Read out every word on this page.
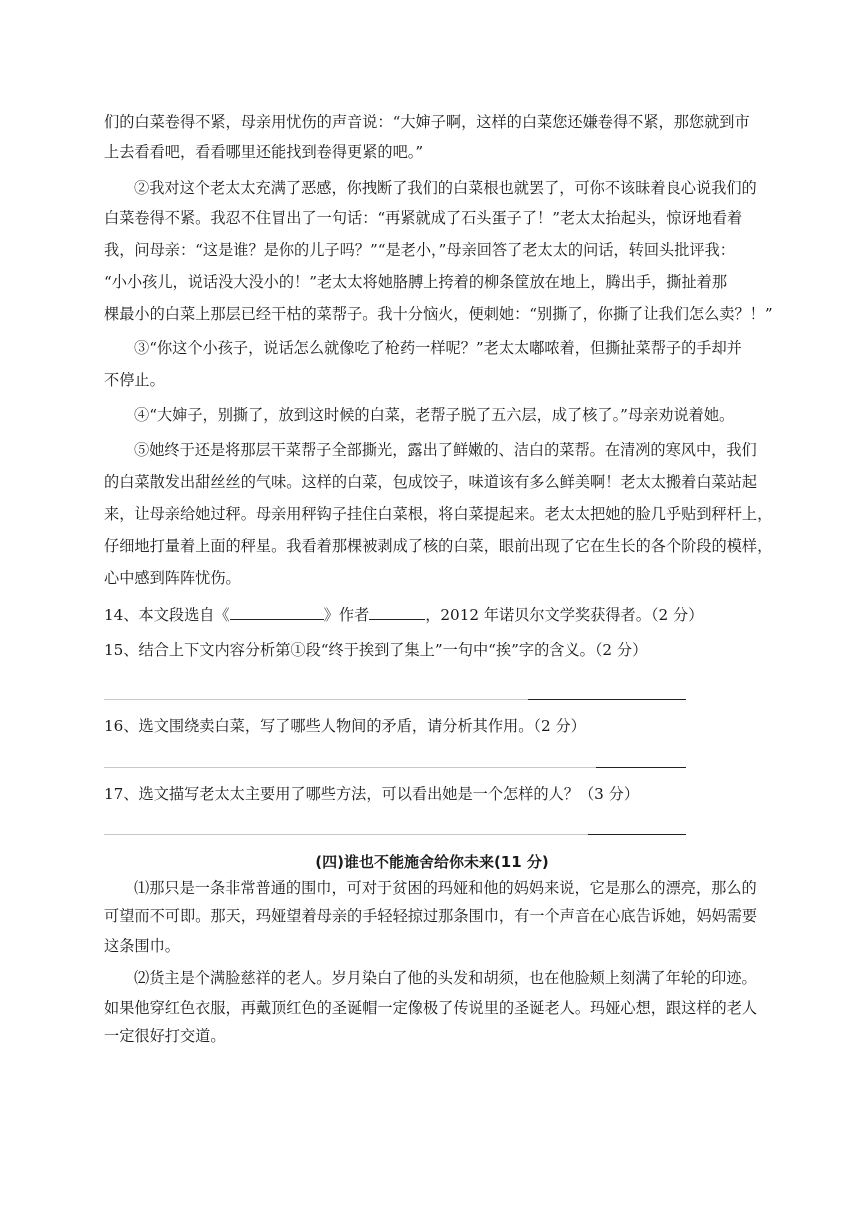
们的白菜卷得不紧，母亲用忧伤的声音说：“大婶子啊，这样的白菜您还嫌卷得不紧，那您就到市
上去看看吧，看看哪里还能找到卷得更紧的吧。”
②我对这个老太太充满了恶感，你拽断了我们的白菜根也就罢了，可你不该昧着良心说我们的
白菜卷得不紧。我忍不住冒出了一句话：“再紧就成了石头蛋子了！”老太太抬起头，惊讶地看着
我，问母亲：“这是谁？是你的儿子吗？”“是老小，”母亲回答了老太太的问话，转回头批评我：
“小小孩儿，说话没大没小的！”老太太将她胳膊上挎着的柳条筐放在地上，腾出手，撕扯着那
棵最小的白菜上那层已经干枯的菜帮子。我十分恼火，便刺她：“别撕了，你撕了让我们怎么卖？！”
③“你这个小孩子，说话怎么就像吃了枪药一样呢？”老太太嘟哝着，但撕扯菜帮子的手却并
不停止。
④“大婶子，别撕了，放到这时候的白菜，老帮子脱了五六层，成了核了。”母亲劝说着她。
⑤她终于还是将那层干菜帮子全部撕光，露出了鲜嫩的、洁白的菜帮。在清冽的寒风中，我们
的白菜散发出甜丝丝的气味。这样的白菜，包成饺子，味道该有多么鲜美啊！老太太搬着白菜站起
来，让母亲给她过秤。母亲用秤钩子挂住白菜根，将白菜提起来。老太太把她的脸几乎贴到秤杆上，
仔细地打量着上面的秤星。我看着那棵被剥成了核的白菜，眼前出现了它在生长的各个阶段的模样，
心中感到阵阵忧伤。
14、本文段选自《	》作者	，2012 年诺贝尔文学奖获得者。（2 分）
15、结合上下文内容分析第①段“终于挨到了集上”一句中“挨”字的含义。（2 分）
16、选文围绕卖白菜，写了哪些人物间的矛盾，请分析其作用。（2 分）
17、选文描写老太太主要用了哪些方法，可以看出她是一个怎样的人？（3 分）
(四)谁也不能施舍给你未来(11 分)
⑴那只是一条非常普通的围巾，可对于贫困的玛娅和他的妈妈来说，它是那么的漂亮，那么的
可望而不可即。那天，玛娅望着母亲的手轻轻掠过那条围巾，有一个声音在心底告诉她，妈妈需要
这条围巾。
⑵货主是个满脸慈祥的老人。岁月染白了他的头发和胡须，也在他脸颊上刻满了年轮的印迹。
如果他穿红色衣服，再戴顶红色的圣诞帽一定像极了传说里的圣诞老人。玛娅心想，跟这样的老人
一定很好打交道。
